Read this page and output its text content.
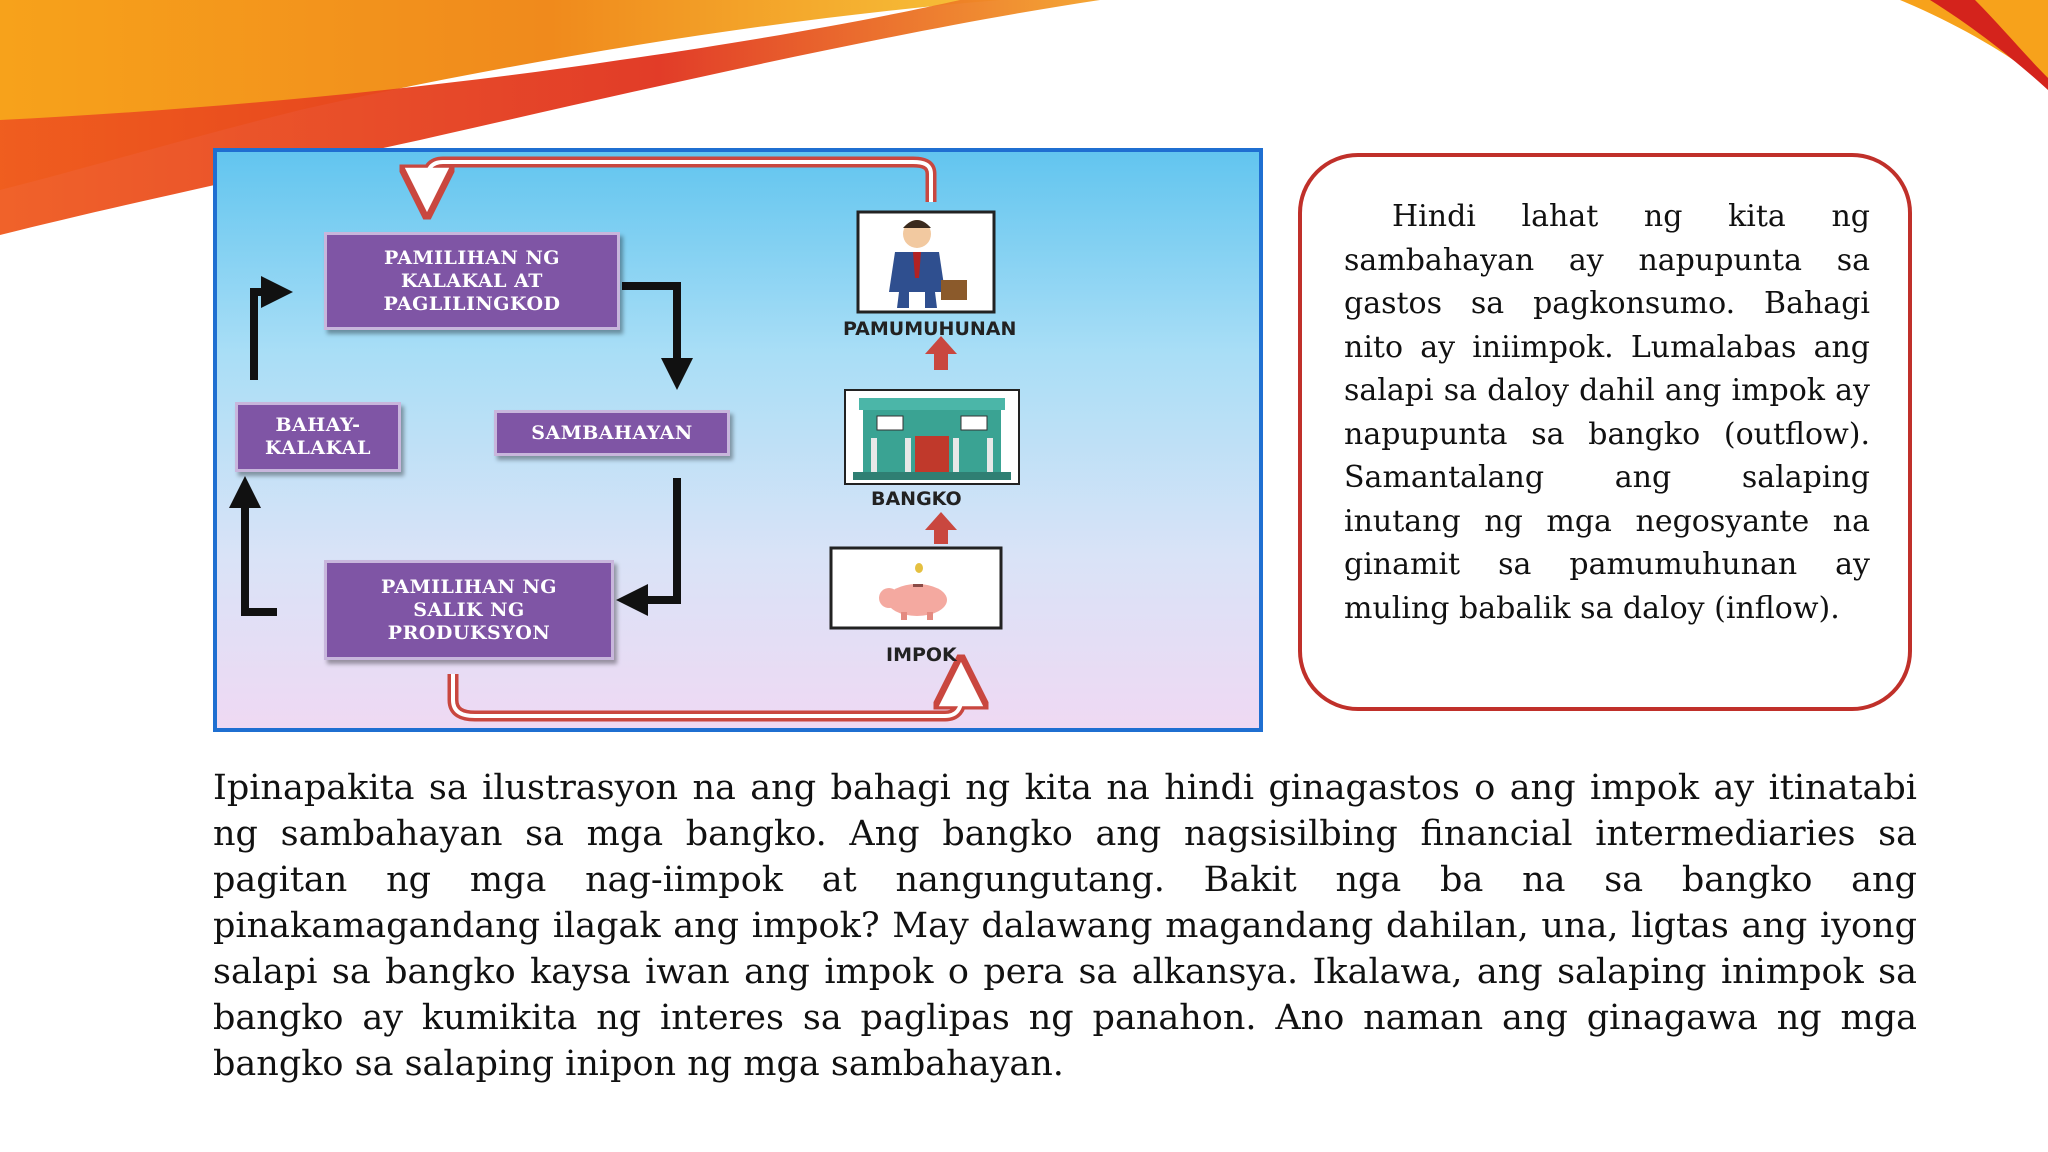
PAMILIHAN NG
KALAKAL AT
PAGLILINGKOD
BAHAY-
KALAKAL
SAMBAHAYAN
PAMILIHAN NG
SALIK NG
PRODUKSYON
PAMUMUHUNAN
BANGKO
IMPOK

Hindi lahat ng kita ng sambahayan ay napupunta sa gastos sa pagkonsumo. Bahagi nito ay iniimpok. Lumalabas ang salapi sa daloy dahil ang impok ay napupunta sa bangko (outflow). Samantalang ang salaping inutang ng mga negosyante na ginamit sa pamumuhunan ay muling babalik sa daloy (inflow).

Ipinapakita sa ilustrasyon na ang bahagi ng kita na hindi ginagastos o ang impok ay itinatabi ng sambahayan sa mga bangko. Ang bangko ang nagsisilbing financial intermediaries sa pagitan ng mga nag-iimpok at nangungutang. Bakit nga ba na sa bangko ang pinakamagandang ilagak ang impok? May dalawang magandang dahilan, una, ligtas ang iyong salapi sa bangko kaysa iwan ang impok o pera sa alkansya. Ikalawa, ang salaping inimpok sa bangko ay kumikita ng interes sa paglipas ng panahon. Ano naman ang ginagawa ng mga bangko sa salaping inipon ng mga sambahayan.
